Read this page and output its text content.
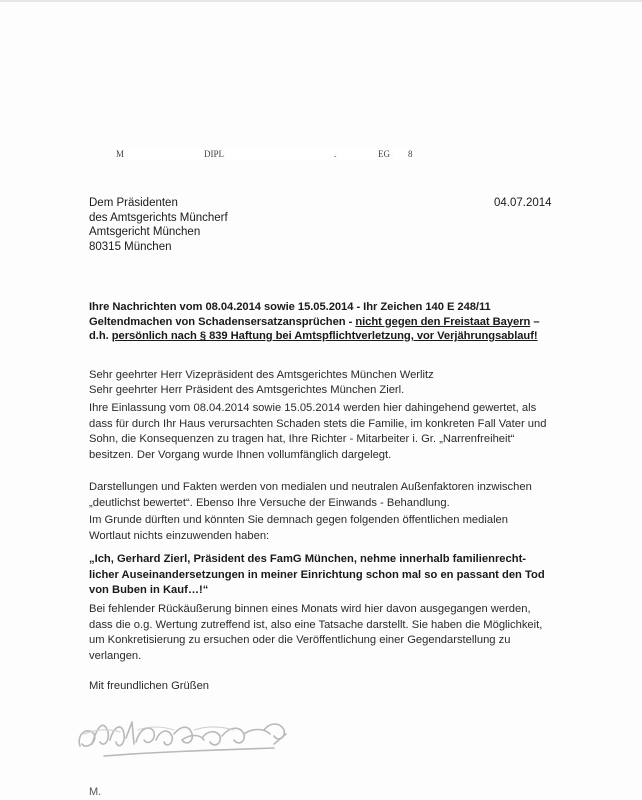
M	DIPL	.	EG 8
Dem Präsidenten
des Amtsgerichts Müncherf
Amtsgericht München
80315 München
04.07.2014
Ihre Nachrichten vom 08.04.2014 sowie 15.05.2014 - Ihr Zeichen 140 E 248/11
Geltendmachen von Schadensersatzansprüchen - nicht gegen den Freistaat Bayern –
d.h. persönlich nach § 839 Haftung bei Amtspflichtverletzung, vor Verjährungsablauf!
Sehr geehrter Herr Vizepräsident des Amtsgerichtes München Werlitz
Sehr geehrter Herr Präsident des Amtsgerichtes München Zierl.
Ihre Einlassung vom 08.04.2014 sowie 15.05.2014 werden hier dahingehend gewertet, als
dass für durch Ihr Haus verursachten Schaden stets die Familie, im konkreten Fall Vater und
Sohn, die Konsequenzen zu tragen hat, Ihre Richter - Mitarbeiter i. Gr. „Narrenfreiheit“
besitzen. Der Vorgang wurde Ihnen vollumfänglich dargelegt.
Darstellungen und Fakten werden von medialen und neutralen Außenfaktoren inzwischen
„deutlichst bewertet“. Ebenso Ihre Versuche der Einwands - Behandlung.
Im Grunde dürften und könnten Sie demnach gegen folgenden öffentlichen medialen
Wortlaut nichts einzuwenden haben:
„Ich, Gerhard Zierl, Präsident des FamG München, nehme innerhalb familienrecht-
licher Auseinandersetzungen in meiner Einrichtung schon mal so en passant den Tod
von Buben in Kauf…!“
Bei fehlender Rückäußerung binnen eines Monats wird hier davon ausgegangen werden,
dass die o.g. Wertung zutreffend ist, also eine Tatsache darstellt. Sie haben die Möglichkeit,
um Konkretisierung zu ersuchen oder die Veröffentlichung einer Gegendarstellung zu
verlangen.
Mit freundlichen Grüßen
M.
